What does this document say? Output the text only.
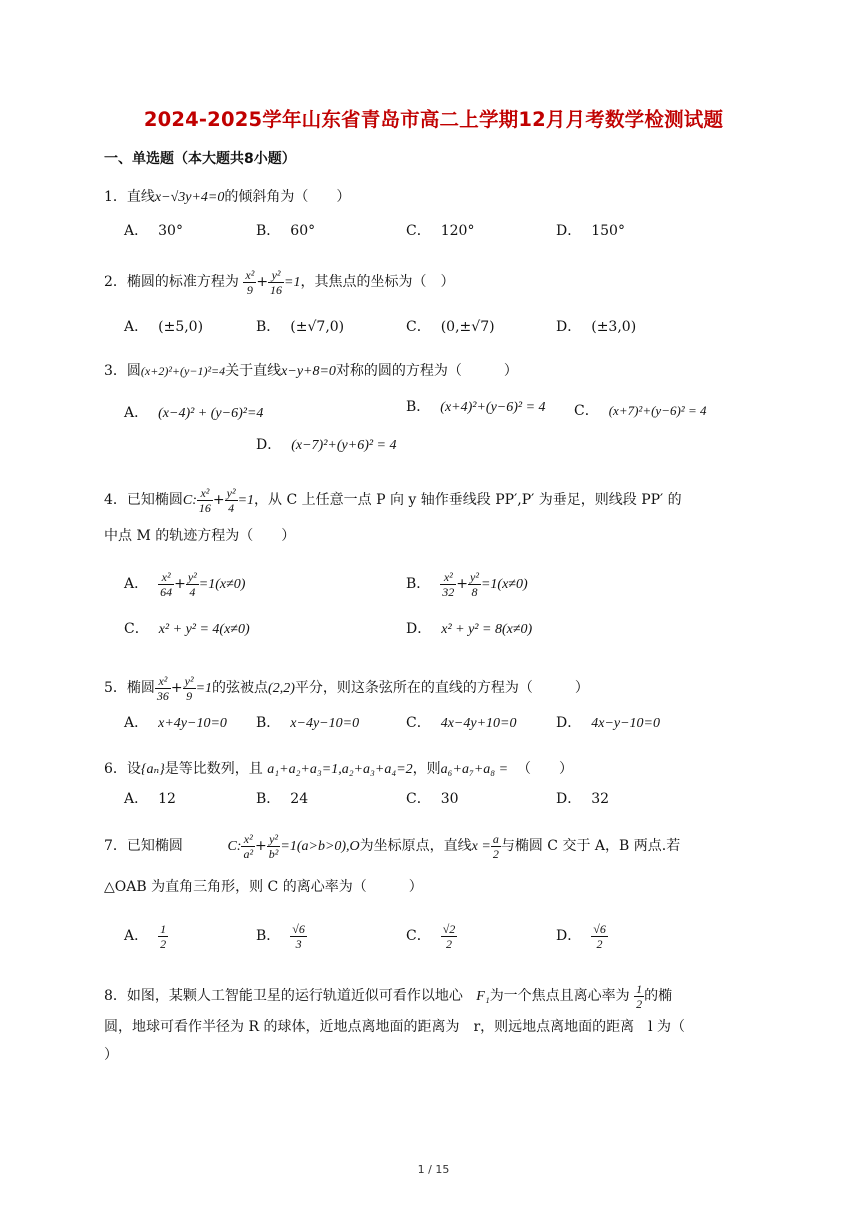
2024-2025学年山东省青岛市高二上学期12月月考数学检测试题
一、单选题（本大题共8小题）
1．直线x−√3y+4=0的倾斜角为（　　）
A． 30°	B． 60°	C． 120°	D． 150°
2．椭圆的标准方程为 $\frac{\text{x²}}{9} + \frac{\text{y²}}{16} =1$，其焦点的坐标为（　）
A． (±5,0)	B． (±√7,0)	C． (0,±√7)	D． (±3,0)
3．圆(x+2)²+(y−1)²=4关于直线x−y+8=0对称的圆的方程为（　　　）
A． (x−4)² + (y−6)²=4	B． (x+4)²+(y−6)² = 4 C． (x+7)²+(y−6)² = 4
D． (x−7)²+(y+6)² = 4
4．已知椭圆C: $\frac{\text{x²}}{16} + \frac{\text{y²}}{4} =1$，从 C 上任意一点 P 向 y 轴作垂线段 PP′,P′ 为垂足，则线段 PP′ 的
中点 M 的轨迹方程为（　　）
A． $\frac{\text{x²}}{64} + \frac{\text{y²}}{4} =1(x\ne 0)$	B． $\frac{\text{x²}}{32} + \frac{\text{y²}}{8} =1(x\ne 0)$
C． x² + y² = 4(x≠0)	D． x² + y² = 8(x≠0)
5．椭圆 $\frac{\text{x²}}{36} + \frac{\text{y²}}{9} =1$的弦被点(2,2)平分，则这条弦所在的直线的方程为（　　　）
A． x+4y−10=0 B． x−4y−10=0	C． 4x−4y+10=0	D． 4x−y−10=0
6．设{aₙ}是等比数列，且 a₁+a₂+a₃=1,a₂+a₃+a₄=2，则a₆+a₇+a₈ = （　　）
A． 12	B． 24	C． 30	D． 32
7．已知椭圆	C: $\frac{\text{x²}}{\text{a²}} + \frac{\text{y²}}{\text{b²}} =1(a>b>0),O$为坐标原点，直线$x = \frac{a}{2}$ 与椭圆 C 交于 A，B 两点.若
△OAB 为直角三角形，则 C 的离心率为（　　　）
A． $\frac{1}{2}$	B． $\frac{√6}{3}$	C． $\frac{√2}{2}$	D． $\frac{√6}{2}$
8．如图，某颗人工智能卫星的运行轨道近似可看作以地心 F₁为一个焦点且离心率为 $\frac{1}{2}$ 的椭
圆，地球可看作半径为 R 的球体，近地点离地面的距离为　r，则远地点离地面的距离　l 为（
）
1 / 15
